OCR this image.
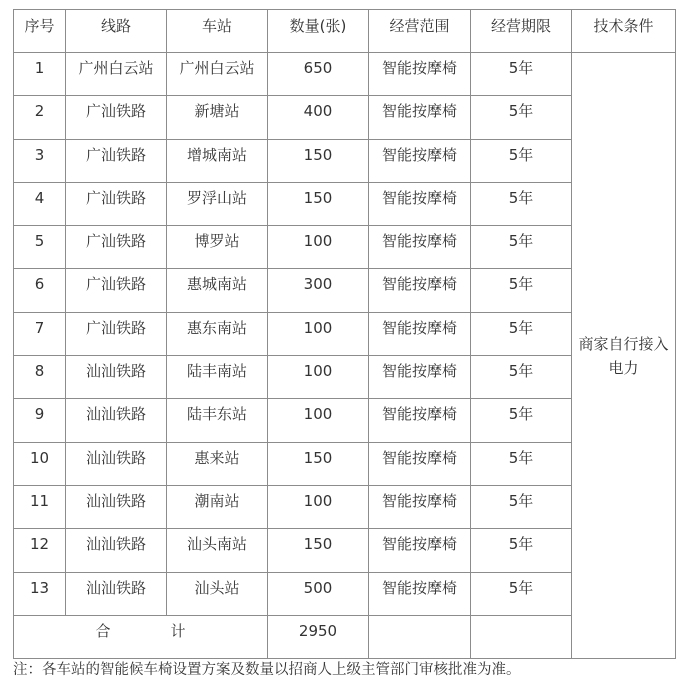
序号	线路	车站	数量(张)	经营范围	经营期限	技术条件
1	广州白云站	广州白云站	650	智能按摩椅	5年	商家自行接入电力
2	广汕铁路	新塘站	400	智能按摩椅	5年	
3	广汕铁路	增城南站	150	智能按摩椅	5年	
4	广汕铁路	罗浮山站	150	智能按摩椅	5年	
5	广汕铁路	博罗站	100	智能按摩椅	5年	
6	广汕铁路	惠城南站	300	智能按摩椅	5年	
7	广汕铁路	惠东南站	100	智能按摩椅	5年	
8	汕汕铁路	陆丰南站	100	智能按摩椅	5年	
9	汕汕铁路	陆丰东站	100	智能按摩椅	5年	
10	汕汕铁路	惠来站	150	智能按摩椅	5年	
11	汕汕铁路	潮南站	100	智能按摩椅	5年	
12	汕汕铁路	汕头南站	150	智能按摩椅	5年	
13	汕汕铁路	汕头站	500	智能按摩椅	5年	
合 计			2950			
注：各车站的智能候车椅设置方案及数量以招商人上级主管部门审核批准为准。
